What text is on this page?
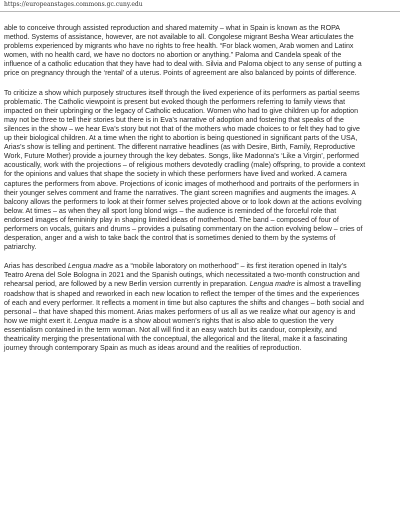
https://europeanstages.commons.gc.cuny.edu

able to conceive through assisted reproduction and shared maternity – what in Spain is known as the ROPA method. Systems of assistance, however, are not available to all. Congolese migrant Besha Wear articulates the problems experienced by migrants who have no rights to free health. “For black women, Arab women and Latinx women, with no health card, we have no doctors no abortion or anything.” Paloma and Candela speak of the influence of a catholic education that they have had to deal with. Silvia and Paloma object to any sense of putting a price on pregnancy through the ‘rental’ of a uterus. Points of agreement are also balanced by points of difference.

To criticize a show which purposely structures itself through the lived experience of its performers as partial seems problematic. The Catholic viewpoint is present but evoked though the performers referring to family views that impacted on their upbringing or the legacy of Catholic education. Women who had to give children up for adoption may not be three to tell their stories but there is in Eva’s narrative of adoption and fostering that speaks of the silences in the show – we hear Eva’s story but not that of the mothers who made choices to or felt they had to give up their biological children. At a time when the right to abortion is being questioned in significant parts of the USA, Arias’s show is telling and pertinent. The different narrative headlines (as with Desire, Birth, Family, Reproductive Work, Future Mother) provide a journey through the key debates. Songs, like Madonna’s ‘Like a Virgin’, performed acoustically, work with the projections – of religious mothers devotedly cradling (male) offspring, to provide a context for the opinions and values that shape the society in which these performers have lived and worked. A camera captures the performers from above. Projections of iconic images of motherhood and portraits of the performers in their younger selves comment and frame the narratives. The giant screen magnifies and augments the images. A balcony allows the performers to look at their former selves projected above or to look down at the actions evolving below. At times – as when they all sport long blond wigs – the audience is reminded of the forceful role that endorsed images of femininity play in shaping limited ideas of motherhood. The band – composed of four of performers on vocals, guitars and drums – provides a pulsating commentary on the action evolving below – cries of desperation, anger and a wish to take back the control that is sometimes denied to them by the systems of patriarchy.

Arias has described Lengua madre as a “mobile laboratory on motherhood” – its first iteration opened in Italy’s Teatro Arena del Sole Bologna in 2021 and the Spanish outings, which necessitated a two-month construction and rehearsal period, are followed by a new Berlin version currently in preparation. Lengua madre is almost a travelling roadshow that is shaped and reworked in each new location to reflect the temper of the times and the experiences of each and every performer. It reflects a moment in time but also captures the shifts and changes – both social and personal – that have shaped this moment. Arias makes performers of us all as we realize what our agency is and how we might exert it. Lengua madre is a show about women’s rights that is also able to question the very essentialism contained in the term woman. Not all will find it an easy watch but its candour, complexity, and theatricality merging the presentational with the conceptual, the allegorical and the literal, make it a fascinating journey through contemporary Spain as much as ideas around and the realities of reproduction.
